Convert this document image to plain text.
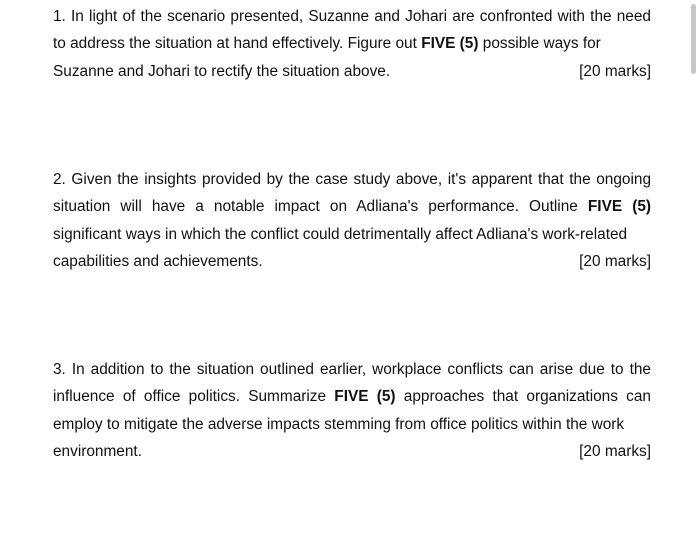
1. In light of the scenario presented, Suzanne and Johari are confronted with the need to address the situation at hand effectively. Figure out FIVE (5) possible ways for
Suzanne and Johari to rectify the situation above.	[20 marks]
2. Given the insights provided by the case study above, it's apparent that the ongoing situation will have a notable impact on Adliana's performance. Outline FIVE (5) significant ways in which the conflict could detrimentally affect Adliana's work-related
capabilities and achievements.	[20 marks]
3. In addition to the situation outlined earlier, workplace conflicts can arise due to the influence of office politics. Summarize FIVE (5) approaches that organizations can employ to mitigate the adverse impacts stemming from office politics within the work
environment.	[20 marks]
